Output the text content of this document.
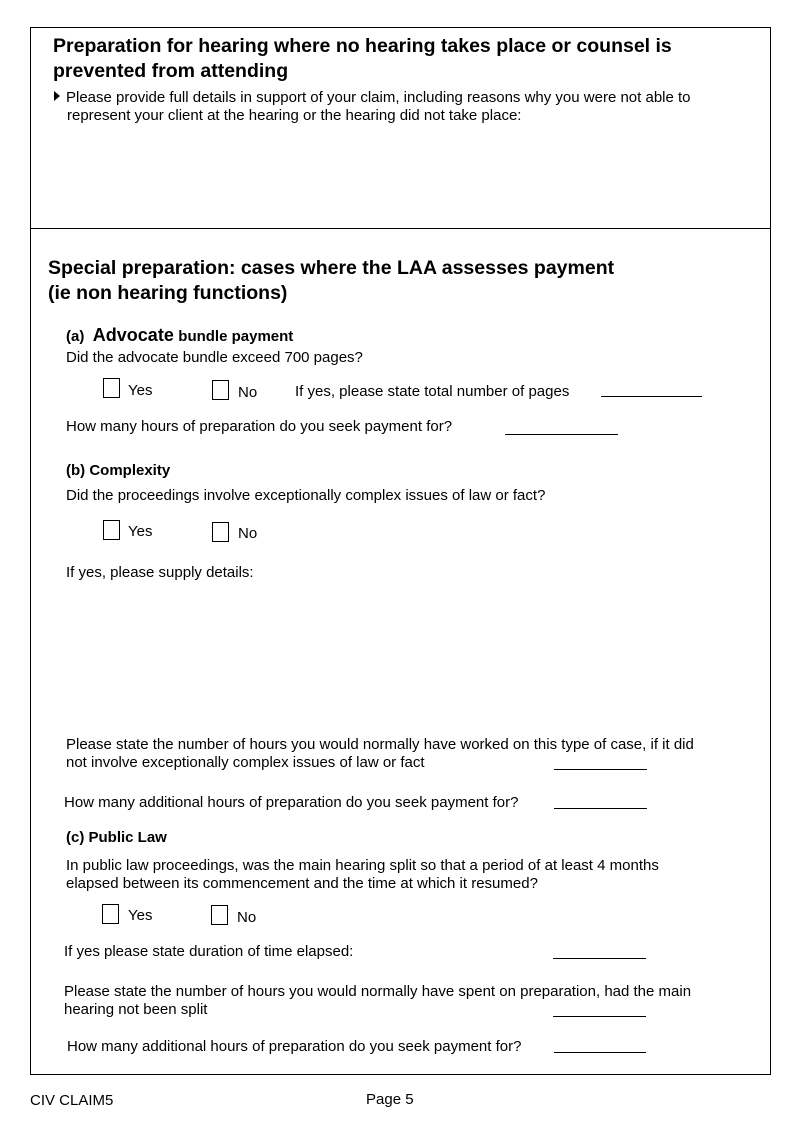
Preparation for hearing where no hearing takes place or counsel is
prevented from attending
Please provide full details in support of your claim, including reasons why you were not able to
represent your client at the hearing or the hearing did not take place:
Special preparation: cases where the LAA assesses payment
(ie non hearing functions)
(a) Advocate bundle payment
Did the advocate bundle exceed 700 pages?
Yes	No	If yes, please state total number of pages
How many hours of preparation do you seek payment for?
(b) Complexity
Did the proceedings involve exceptionally complex issues of law or fact?
Yes	No
If yes, please supply details:
Please state the number of hours you would normally have worked on this type of case, if it did
not involve exceptionally complex issues of law or fact
How many additional hours of preparation do you seek payment for?
(c) Public Law
In public law proceedings, was the main hearing split so that a period of at least 4 months
elapsed between its commencement and the time at which it resumed?
Yes	No
If yes please state duration of time elapsed:
Please state the number of hours you would normally have spent on preparation, had the main
hearing not been split
How many additional hours of preparation do you seek payment for?
CIV CLAIM5	Page 5
